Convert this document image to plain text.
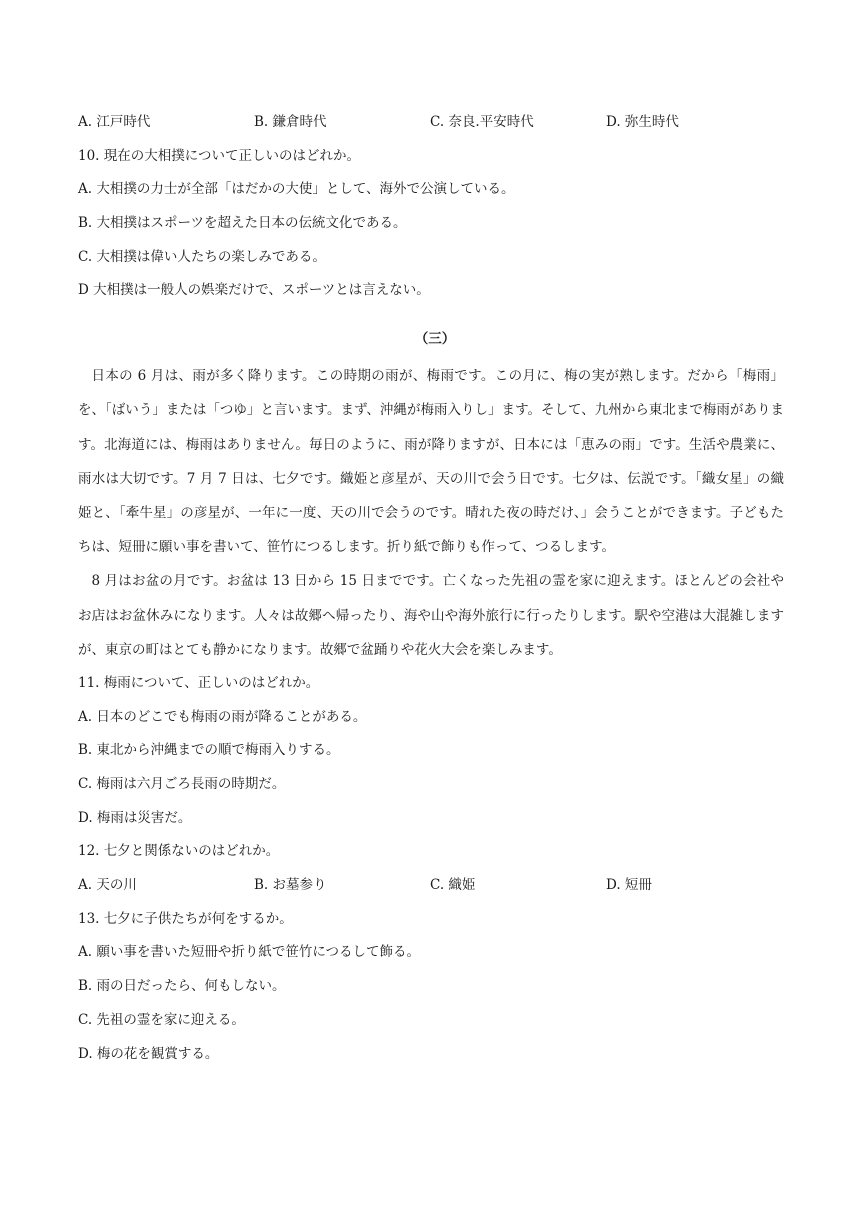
A. 江戸時代	B. 鎌倉時代	C. 奈良.平安時代	D. 弥生時代
10. 現在の大相撲について正しいのはどれか。
A. 大相撲の力士が全部「はだかの大使」として、海外で公演している。
B. 大相撲はスポーツを超えた日本の伝統文化である。
C. 大相撲は偉い人たちの楽しみである。
D 大相撲は一般人の娯楽だけで、スポーツとは言えない。
（三）

日本の 6 月は、雨が多く降ります。この時期の雨が、梅雨です。この月に、梅の実が熟します。だから「梅雨」を、「ばいう」または「つゆ」と言います。まず、沖縄が梅雨入りし」ます。そして、九州から東北まで梅雨があります。北海道には、梅雨はありません。毎日のように、雨が降りますが、日本には「恵みの雨」です。生活や農業に、雨水は大切です。7 月 7 日は、七夕です。織姫と彦星が、天の川で会う日です。七夕は、伝説です。「織女星」の織姫と、「牽牛星」の彦星が、一年に一度、天の川で会うのです。晴れた夜の時だけ、」会うことができます。子どもたちは、短冊に願い事を書いて、笹竹につるします。折り紙で飾りも作って、つるします。

8 月はお盆の月です。お盆は 13 日から 15 日までです。亡くなった先祖の霊を家に迎えます。ほとんどの会社やお店はお盆休みになります。人々は故郷へ帰ったり、海や山や海外旅行に行ったりします。駅や空港は大混雑しますが、東京の町はとても静かになります。故郷で盆踊りや花火大会を楽しみます。

11. 梅雨について、正しいのはどれか。
A. 日本のどこでも梅雨の雨が降ることがある。
B. 東北から沖縄までの順で梅雨入りする。
C. 梅雨は六月ごろ長雨の時期だ。
D. 梅雨は災害だ。
12. 七夕と関係ないのはどれか。
A. 天の川	B. お墓参り	C. 織姫	D. 短冊
13. 七夕に子供たちが何をするか。
A. 願い事を書いた短冊や折り紙で笹竹につるして飾る。
B. 雨の日だったら、何もしない。
C. 先祖の霊を家に迎える。
D. 梅の花を観賞する。
